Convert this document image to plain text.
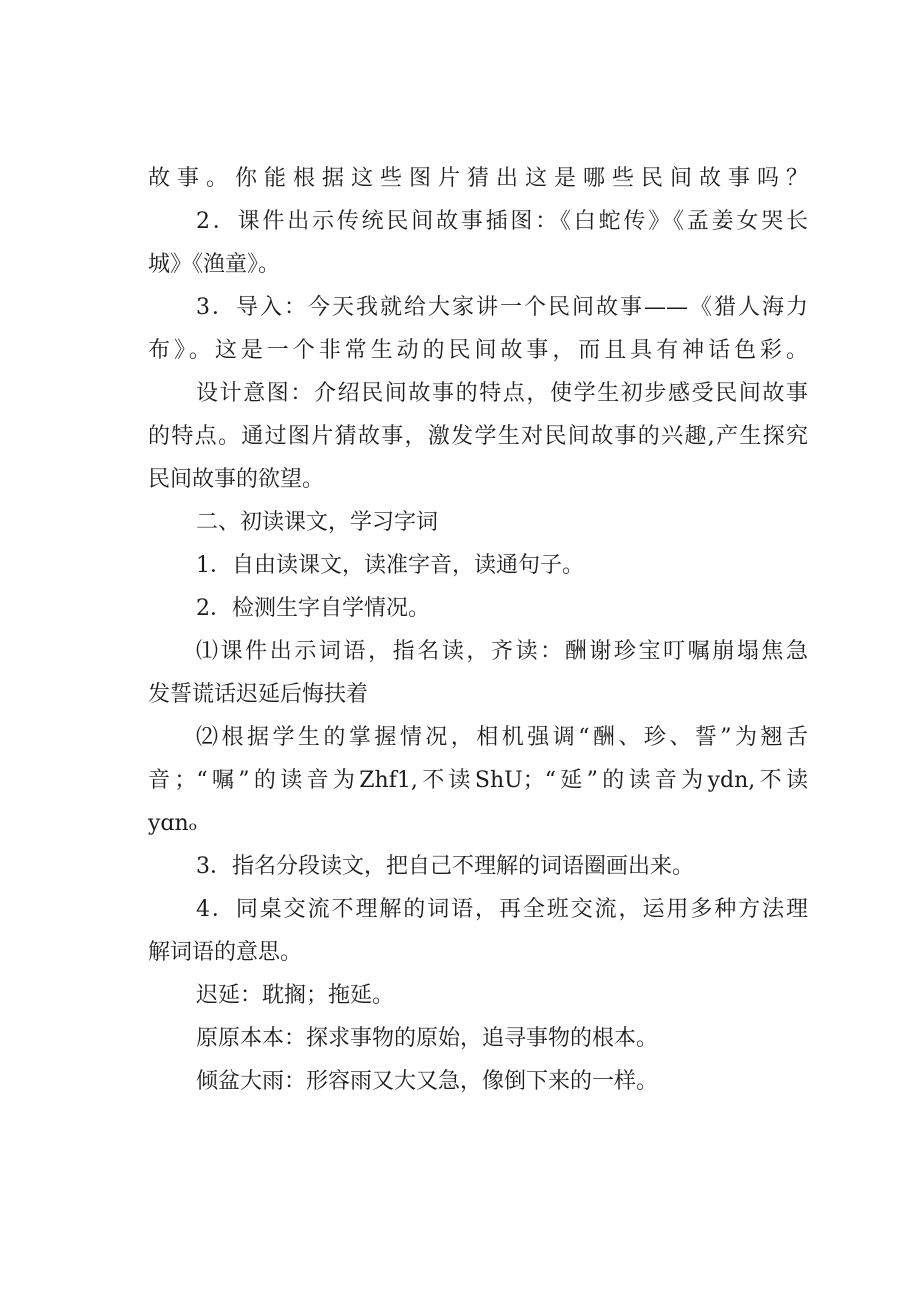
故事。你能根据这些图片猜出这是哪些民间故事吗？
2．课件出示传统民间故事插图：《白蛇传》《孟姜女哭长
城》《渔童》。
3．导入：今天我就给大家讲一个民间故事——《猎人海力
布》。这是一个非常生动的民间故事，而且具有神话色彩。
设计意图：介绍民间故事的特点，使学生初步感受民间故事
的特点。通过图片猜故事，激发学生对民间故事的兴趣,产生探究
民间故事的欲望。
二、初读课文，学习字词
1．自由读课文，读准字音，读通句子。
2．检测生字自学情况。
⑴课件出示词语，指名读，齐读：酬谢珍宝叮嘱崩塌焦急
发誓谎话迟延后悔扶着
⑵根据学生的掌握情况，相机强调“酬、珍、誓”为翘舌
音；“嘱”的读音为Zhf1,不读ShU；“延”的读音为ydn,不读
yɑnₒ
3．指名分段读文，把自己不理解的词语圈画出来。
4．同桌交流不理解的词语，再全班交流，运用多种方法理
解词语的意思。
迟延：耽搁；拖延。
原原本本：探求事物的原始，追寻事物的根本。
倾盆大雨：形容雨又大又急，像倒下来的一样。
